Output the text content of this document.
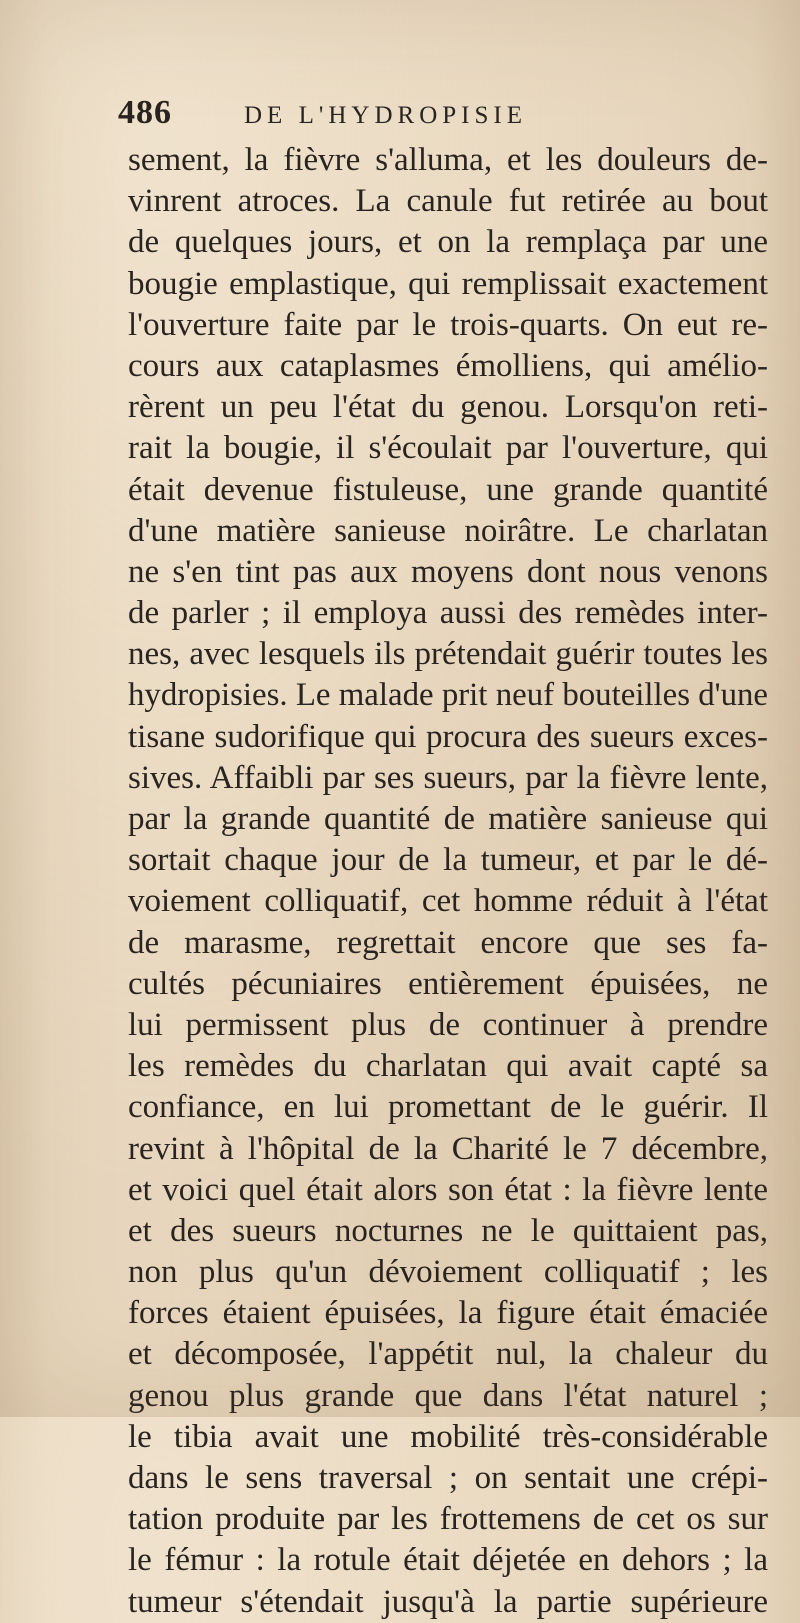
486	DE L'HYDROPISIE
sement, la fièvre s'alluma, et les douleurs de-
vinrent atroces. La canule fut retirée au bout
de quelques jours, et on la remplaça par une
bougie emplastique, qui remplissait exactement
l'ouverture faite par le trois-quarts. On eut re-
cours aux cataplasmes émolliens, qui amélio-
rèrent un peu l'état du genou. Lorsqu'on reti-
rait la bougie, il s'écoulait par l'ouverture, qui
était devenue fistuleuse, une grande quantité
d'une matière sanieuse noirâtre. Le charlatan
ne s'en tint pas aux moyens dont nous venons
de parler ; il employa aussi des remèdes inter-
nes, avec lesquels ils prétendait guérir toutes les
hydropisies. Le malade prit neuf bouteilles d'une
tisane sudorifique qui procura des sueurs exces-
sives. Affaibli par ses sueurs, par la fièvre lente,
par la grande quantité de matière sanieuse qui
sortait chaque jour de la tumeur, et par le dé-
voiement colliquatif, cet homme réduit à l'état
de marasme, regrettait encore que ses fa-
cultés pécuniaires entièrement épuisées, ne
lui permissent plus de continuer à prendre
les remèdes du charlatan qui avait capté sa
confiance, en lui promettant de le guérir. Il
revint à l'hôpital de la Charité le 7 décembre,
et voici quel était alors son état : la fièvre lente
et des sueurs nocturnes ne le quittaient pas,
non plus qu'un dévoiement colliquatif ; les
forces étaient épuisées, la figure était émaciée
et décomposée, l'appétit nul, la chaleur du
genou plus grande que dans l'état naturel ;
le tibia avait une mobilité très-considérable
dans le sens traversal ; on sentait une crépi-
tation produite par les frottemens de cet os sur
le fémur : la rotule était déjetée en dehors ; la
tumeur s'étendait jusqu'à la partie supérieure
